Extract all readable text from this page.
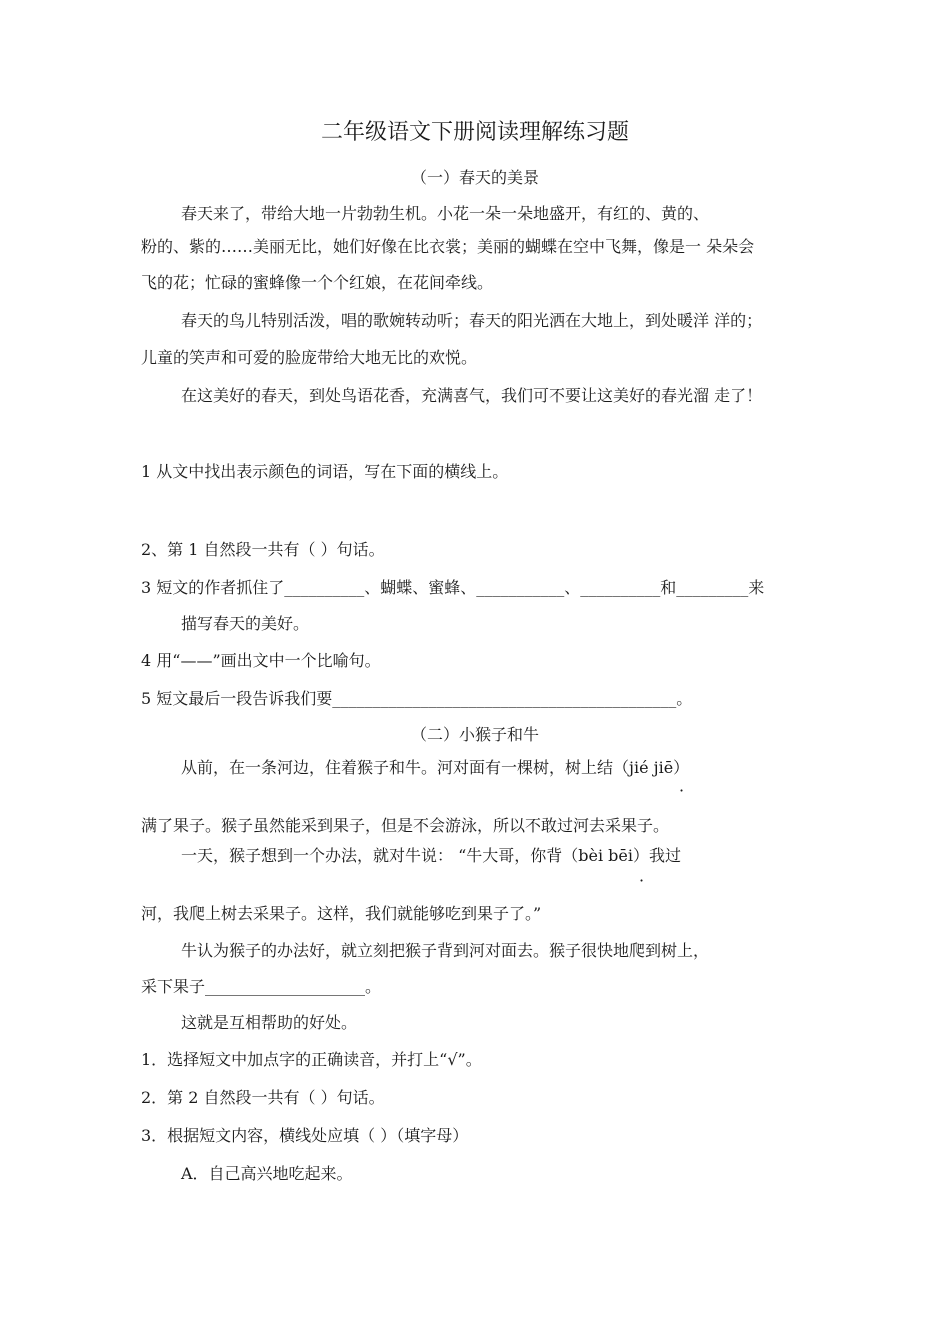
二年级语文下册阅读理解练习题
（一）春天的美景
春天来了，带给大地一片勃勃生机。小花一朵一朵地盛开，有红的、黄的、
粉的、紫的……美丽无比，她们好像在比衣裳；美丽的蝴蝶在空中飞舞，像是一 朵朵会
飞的花；忙碌的蜜蜂像一个个红娘，在花间牵线。
春天的鸟儿特别活泼，唱的歌婉转动听；春天的阳光洒在大地上，到处暖洋 洋的；
儿童的笑声和可爱的脸庞带给大地无比的欢悦。
在这美好的春天，到处鸟语花香，充满喜气，我们可不要让这美好的春光溜 走了！
1 从文中找出表示颜色的词语，写在下面的横线上。
2、第 1 自然段一共有（ ）句话。
3 短文的作者抓住了__________、蝴蝶、蜜蜂、___________、__________和_________来
描写春天的美好。
4 用“——”画出文中一个比喻句。
5 短文最后一段告诉我们要___________________________________________。
（二）小猴子和牛
从前，在一条河边，住着猴子和牛。河对面有一棵树，树上结（jié jiē）
·
满了果子。猴子虽然能采到果子，但是不会游泳，所以不敢过河去采果子。
一天，猴子想到一个办法，就对牛说： “牛大哥，你背（bèi bēi）我过
·
河，我爬上树去采果子。这样，我们就能够吃到果子了。”
牛认为猴子的办法好，就立刻把猴子背到河对面去。猴子很快地爬到树上，
采下果子____________________。
这就是互相帮助的好处。
1．选择短文中加点字的正确读音，并打上“√”。
2．第 2 自然段一共有（ ）句话。
3．根据短文内容，横线处应填（ ）（填字母）
A．自己高兴地吃起来。
